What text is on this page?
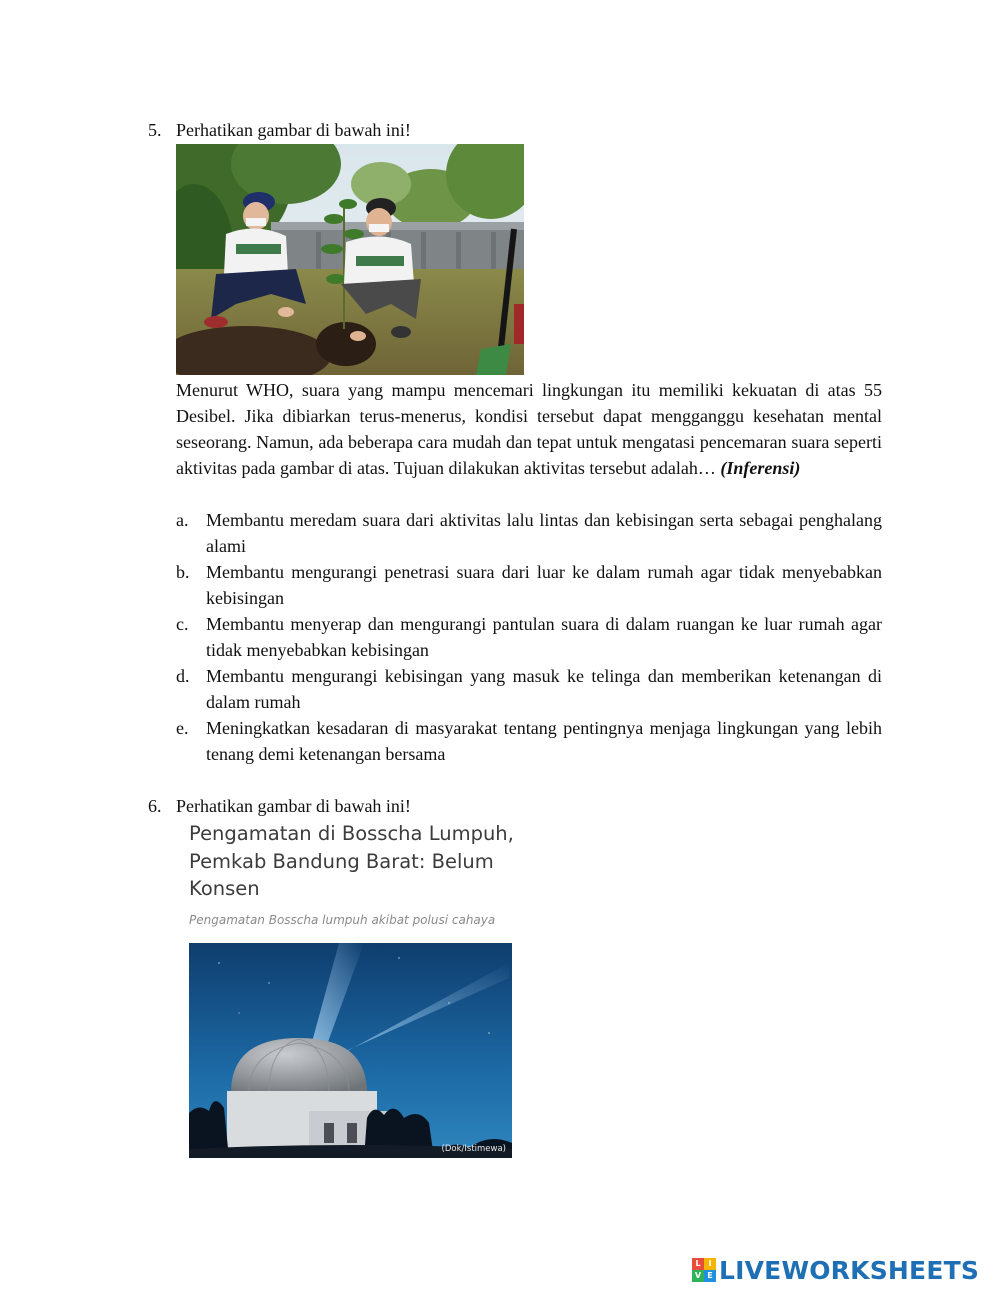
5. Perhatikan gambar di bawah ini!
Menurut WHO, suara yang mampu mencemari lingkungan itu memiliki kekuatan di atas 55 Desibel. Jika dibiarkan terus-menerus, kondisi tersebut dapat mengganggu kesehatan mental seseorang. Namun, ada beberapa cara mudah dan tepat untuk mengatasi pencemaran suara seperti aktivitas pada gambar di atas. Tujuan dilakukan aktivitas tersebut adalah… (Inferensi)
a. Membantu meredam suara dari aktivitas lalu lintas dan kebisingan serta sebagai penghalang alami
b. Membantu mengurangi penetrasi suara dari luar ke dalam rumah agar tidak menyebabkan kebisingan
c. Membantu menyerap dan mengurangi pantulan suara di dalam ruangan ke luar rumah agar tidak menyebabkan kebisingan
d. Membantu mengurangi kebisingan yang masuk ke telinga dan memberikan ketenangan di dalam rumah
e. Meningkatkan kesadaran di masyarakat tentang pentingnya menjaga lingkungan yang lebih tenang demi ketenangan bersama
6. Perhatikan gambar di bawah ini!
Pengamatan di Bosscha Lumpuh, Pemkab Bandung Barat: Belum Konsen
Pengamatan Bosscha lumpuh akibat polusi cahaya
(Dok/Istimewa)
L I
V E LIVEWORKSHEETS
